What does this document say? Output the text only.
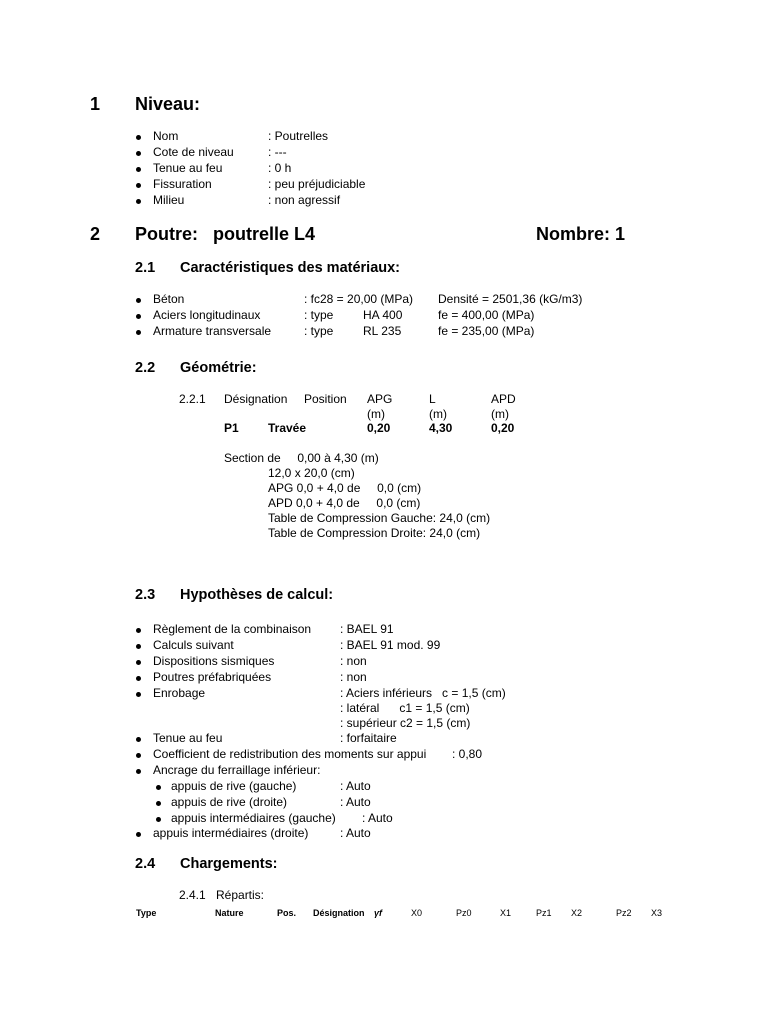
1 Niveau:
Nom	: Poutrelles
Cote de niveau	: ---
Tenue au feu	: 0 h
Fissuration	: peu préjudiciable
Milieu	: non agressif
2 Poutre: poutrelle L4	Nombre: 1
2.1 Caractéristiques des matériaux:
Béton	: fc28 = 20,00 (MPa) Densité = 2501,36 (kG/m3)
Aciers longitudinaux	: type HA 400	fe = 400,00 (MPa)
Armature transversale	: type RL 235	fe = 235,00 (MPa)
2.2 Géométrie:
2.2.1 Désignation Position APG	L	APD
(m)	(m)	(m)
P1 Travée	0,20	4,30	0,20
Section de     0,00 à 4,30 (m)
12,0 x 20,0 (cm)
APG 0,0 + 4,0 de     0,0 (cm)
APD 0,0 + 4,0 de     0,0 (cm)
Table de Compression Gauche: 24,0 (cm)
Table de Compression Droite: 24,0 (cm)
2.3 Hypothèses de calcul:
Règlement de la combinaison : BAEL 91
Calculs suivant	: BAEL 91 mod. 99
Dispositions sismiques	: non
Poutres préfabriquées	: non
Enrobage	: Aciers inférieurs   c = 1,5 (cm)
: latéral      c1 = 1,5 (cm)
: supérieur c2 = 1,5 (cm)
Tenue au feu	: forfaitaire
Coefficient de redistribution des moments sur appui : 0,80
Ancrage du ferraillage inférieur:
appuis de rive (gauche)	: Auto
appuis de rive (droite)	: Auto
appuis intermédiaires (gauche) : Auto
appuis intermédiaires (droite)	: Auto
2.4 Chargements:
2.4.1 Répartis:
Type	Nature	Pos. Désignation γf	X0	Pz0	X1	Pz1 X2	Pz2 X3
